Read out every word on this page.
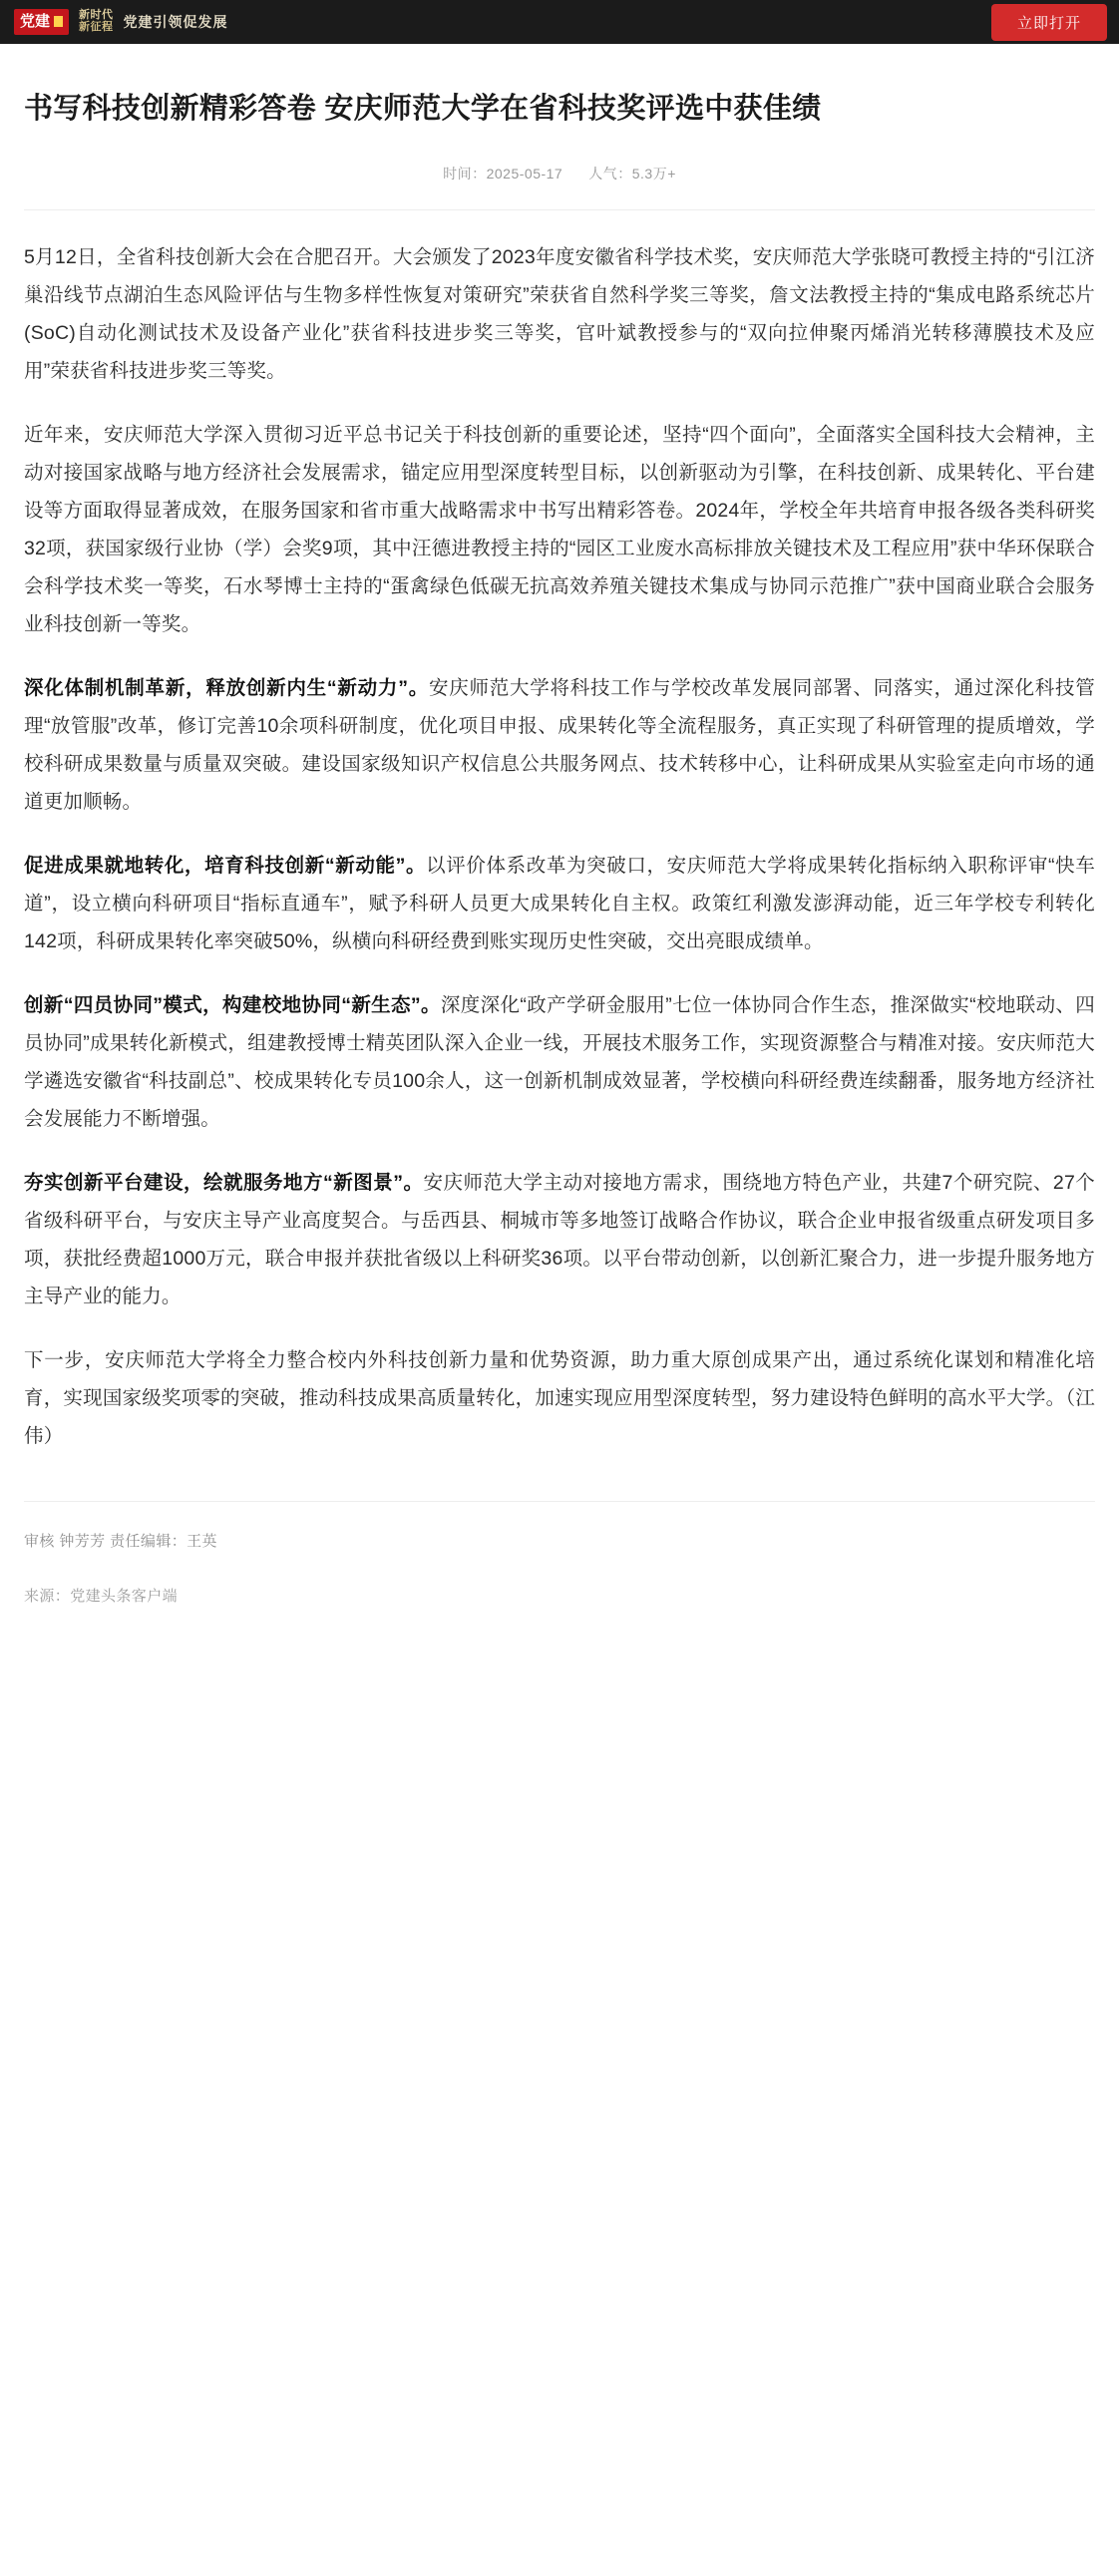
党建	新时代
新征程 党建引领促发展	立即打开
书写科技创新精彩答卷 安庆师范大学在省科技奖评选中获佳绩
时间：2025-05-17 人气：5.3万+

5月12日，全省科技创新大会在合肥召开。大会颁发了2023年度安徽省科学技术奖，安庆师范大学张晓可教授主持的“引江济巢沿线节点湖泊生态风险评估与生物多样性恢复对策研究”荣获省自然科学奖三等奖，詹文法教授主持的“集成电路系统芯片(SoC)自动化测试技术及设备产业化”获省科技进步奖三等奖，官叶斌教授参与的“双向拉伸聚丙烯消光转移薄膜技术及应用”荣获省科技进步奖三等奖。

近年来，安庆师范大学深入贯彻习近平总书记关于科技创新的重要论述，坚持“四个面向”，全面落实全国科技大会精神，主动对接国家战略与地方经济社会发展需求，锚定应用型深度转型目标，以创新驱动为引擎，在科技创新、成果转化、平台建设等方面取得显著成效，在服务国家和省市重大战略需求中书写出精彩答卷。2024年，学校全年共培育申报各级各类科研奖32项，获国家级行业协（学）会奖9项，其中汪德进教授主持的“园区工业废水高标排放关键技术及工程应用”获中华环保联合会科学技术奖一等奖，石水琴博士主持的“蛋禽绿色低碳无抗高效养殖关键技术集成与协同示范推广”获中国商业联合会服务业科技创新一等奖。

深化体制机制革新，释放创新内生“新动力”。安庆师范大学将科技工作与学校改革发展同部署、同落实，通过深化科技管理“放管服”改革，修订完善10余项科研制度，优化项目申报、成果转化等全流程服务，真正实现了科研管理的提质增效，学校科研成果数量与质量双突破。建设国家级知识产权信息公共服务网点、技术转移中心，让科研成果从实验室走向市场的通道更加顺畅。

促进成果就地转化，培育科技创新“新动能”。以评价体系改革为突破口，安庆师范大学将成果转化指标纳入职称评审“快车道”，设立横向科研项目“指标直通车”，赋予科研人员更大成果转化自主权。政策红利激发澎湃动能，近三年学校专利转化142项，科研成果转化率突破50%，纵横向科研经费到账实现历史性突破，交出亮眼成绩单。

创新“四员协同”模式，构建校地协同“新生态”。深度深化“政产学研金服用”七位一体协同合作生态，推深做实“校地联动、四员协同”成果转化新模式，组建教授博士精英团队深入企业一线，开展技术服务工作，实现资源整合与精准对接。安庆师范大学遴选安徽省“科技副总”、校成果转化专员100余人，这一创新机制成效显著，学校横向科研经费连续翻番，服务地方经济社会发展能力不断增强。

夯实创新平台建设，绘就服务地方“新图景”。安庆师范大学主动对接地方需求，围绕地方特色产业，共建7个研究院、27个省级科研平台，与安庆主导产业高度契合。与岳西县、桐城市等多地签订战略合作协议，联合企业申报省级重点研发项目多项，获批经费超1000万元，联合申报并获批省级以上科研奖36项。以平台带动创新，以创新汇聚合力，进一步提升服务地方主导产业的能力。

下一步，安庆师范大学将全力整合校内外科技创新力量和优势资源，助力重大原创成果产出，通过系统化谋划和精准化培育，实现国家级奖项零的突破，推动科技成果高质量转化，加速实现应用型深度转型，努力建设特色鲜明的高水平大学。（江伟）

审核 钟芳芳 责任编辑：王英
来源：党建头条客户端
